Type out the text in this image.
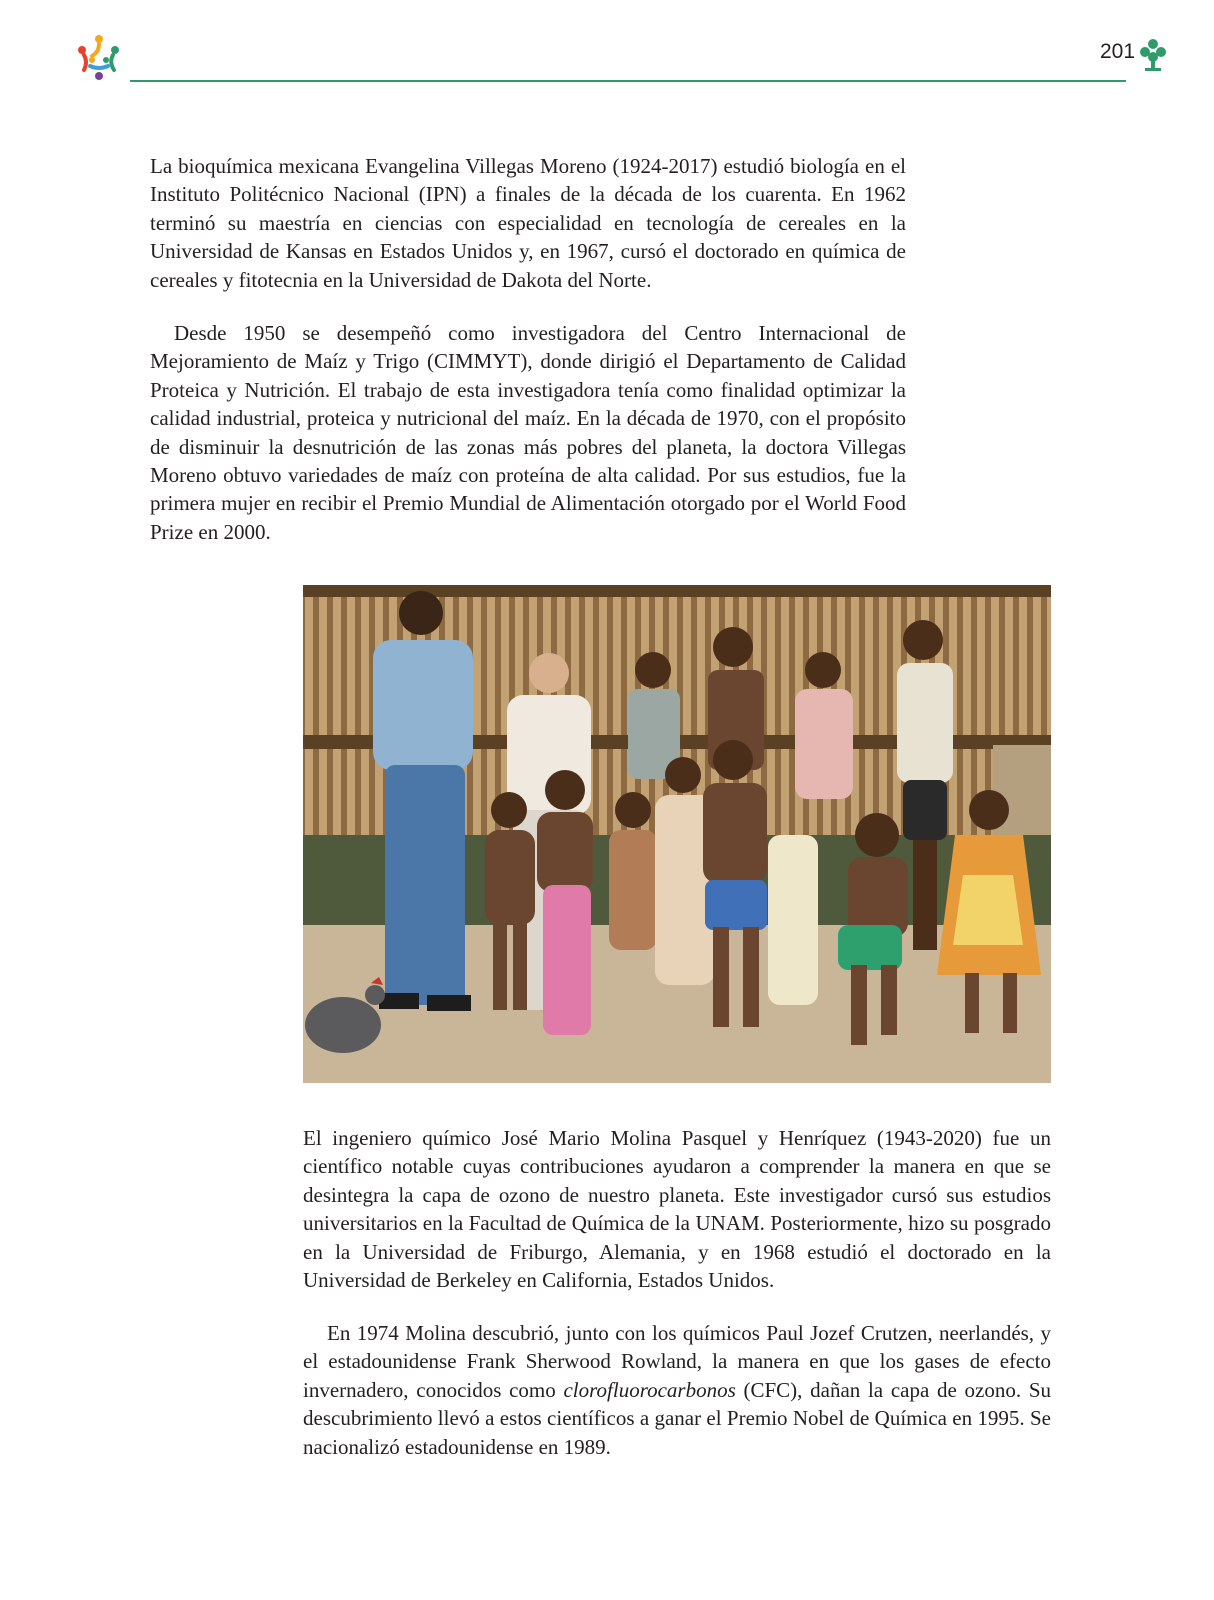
201

La bioquímica mexicana Evangelina Villegas Moreno (1924-2017) estudió biología en el Instituto Politécnico Nacional (IPN) a finales de la década de los cuarenta. En 1962 terminó su maestría en ciencias con especialidad en tecnología de cereales en la Universidad de Kansas en Estados Unidos y, en 1967, cursó el doctorado en química de cereales y fitotecnia en la Universidad de Dakota del Norte.

Desde 1950 se desempeñó como investigadora del Centro Internacional de Mejoramiento de Maíz y Trigo (CIMMYT), donde dirigió el Departamento de Calidad Proteica y Nutrición. El trabajo de esta investigadora tenía como finalidad optimizar la calidad industrial, proteica y nutricional del maíz. En la década de 1970, con el propósito de disminuir la desnutrición de las zonas más pobres del planeta, la doctora Villegas Moreno obtuvo variedades de maíz con proteína de alta calidad. Por sus estudios, fue la primera mujer en recibir el Premio Mundial de Alimentación otorgado por el World Food Prize en 2000.

El ingeniero químico José Mario Molina Pasquel y Henríquez (1943-2020) fue un científico notable cuyas contribuciones ayudaron a comprender la manera en que se desintegra la capa de ozono de nuestro planeta. Este investigador cursó sus estudios universitarios en la Facultad de Química de la UNAM. Posteriormente, hizo su posgrado en la Universidad de Friburgo, Alemania, y en 1968 estudió el doctorado en la Universidad de Berkeley en California, Estados Unidos.

En 1974 Molina descubrió, junto con los químicos Paul Jozef Crutzen, neerlandés, y el estadounidense Frank Sherwood Rowland, la manera en que los gases de efecto invernadero, conocidos como clorofluorocarbonos (CFC), dañan la capa de ozono. Su descubrimiento llevó a estos científicos a ganar el Premio Nobel de Química en 1995. Se nacionalizó estadounidense en 1989.
